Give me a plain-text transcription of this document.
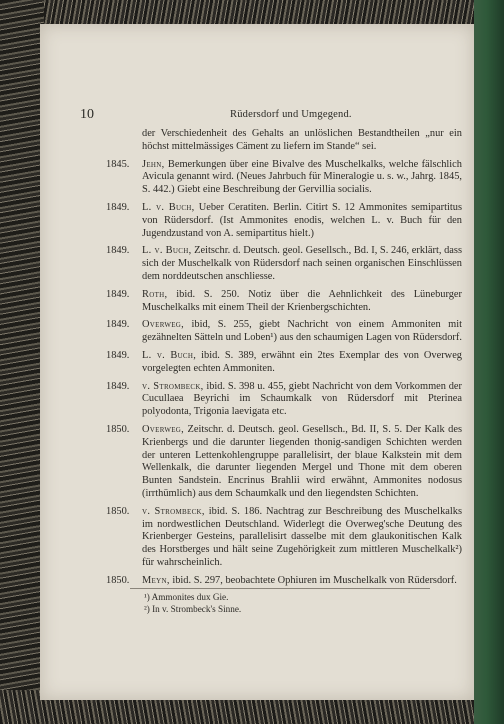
10	Rüdersdorf und Umgegend.

der Verschiedenheit des Gehalts an unlöslichen Bestandtheilen „nur ein höchst mittelmässiges Cäment zu liefern im Stande“ sei.

1845.	Jehn, Bemerkungen über eine Bivalve des Muschelkalks, welche fälschlich Avicula genannt wird. (Neues Jahrbuch für Mineralogie u. s. w., Jahrg. 1845, S. 442.) Giebt eine Beschreibung der Gervillia socialis.
1849.	L. v. Buch, Ueber Ceratiten. Berlin. Citirt S. 12 Ammonites semipartitus von Rüdersdorf. (Ist Ammonites enodis, welchen L. v. Buch für den Jugendzustand von A. semipartitus hielt.)
1849.	L. v. Buch, Zeitschr. d. Deutsch. geol. Gesellsch., Bd. I, S. 246, erklärt, dass sich der Muschelkalk von Rüdersdorf nach seinen organischen Einschlüssen dem norddeutschen anschliesse.
1849.	Roth, ibid. S. 250. Notiz über die Aehnlichkeit des Lüneburger Muschelkalks mit einem Theil der Krienbergschichten.
1849.	Overweg, ibid, S. 255, giebt Nachricht von einem Ammoniten mit gezähnelten Sätteln und Loben¹) aus den schaumigen Lagen von Rüdersdorf.
1849.	L. v. Buch, ibid. S. 389, erwähnt ein 2tes Exemplar des von Overweg vorgelegten echten Ammoniten.
1849.	v. Strombeck, ibid. S. 398 u. 455, giebt Nachricht von dem Vorkommen der Cucullaea Beyrichi im Schaumkalk von Rüdersdorf mit Pterinea polyodonta, Trigonia laevigata etc.
1850.	Overweg, Zeitschr. d. Deutsch. geol. Gesellsch., Bd. II, S. 5. Der Kalk des Krienbergs und die darunter liegenden thonig-sandigen Schichten werden der unteren Lettenkohlengruppe parallelisirt, der blaue Kalkstein mit dem Wellenkalk, die darunter liegenden Mergel und Thone mit dem oberen Bunten Sandstein. Encrinus Brahlii wird erwähnt, Ammonites nodosus (irrthümlich) aus dem Schaumkalk und den liegendsten Schichten.
1850.	v. Strombeck, ibid. S. 186. Nachtrag zur Beschreibung des Muschelkalks im nordwestlichen Deutschland. Widerlegt die Overweg'sche Deutung des Krienberger Gesteins, parallelisirt dasselbe mit dem glaukonitischen Kalk des Horstberges und hält seine Zugehörigkeit zum mittleren Muschelkalk²) für wahrscheinlich.
1850.	Meyn, ibid. S. 297, beobachtete Ophiuren im Muschelkalk von Rüdersdorf.
¹) Ammonites dux Gie.
²) In v. Strombeck's Sinne.
